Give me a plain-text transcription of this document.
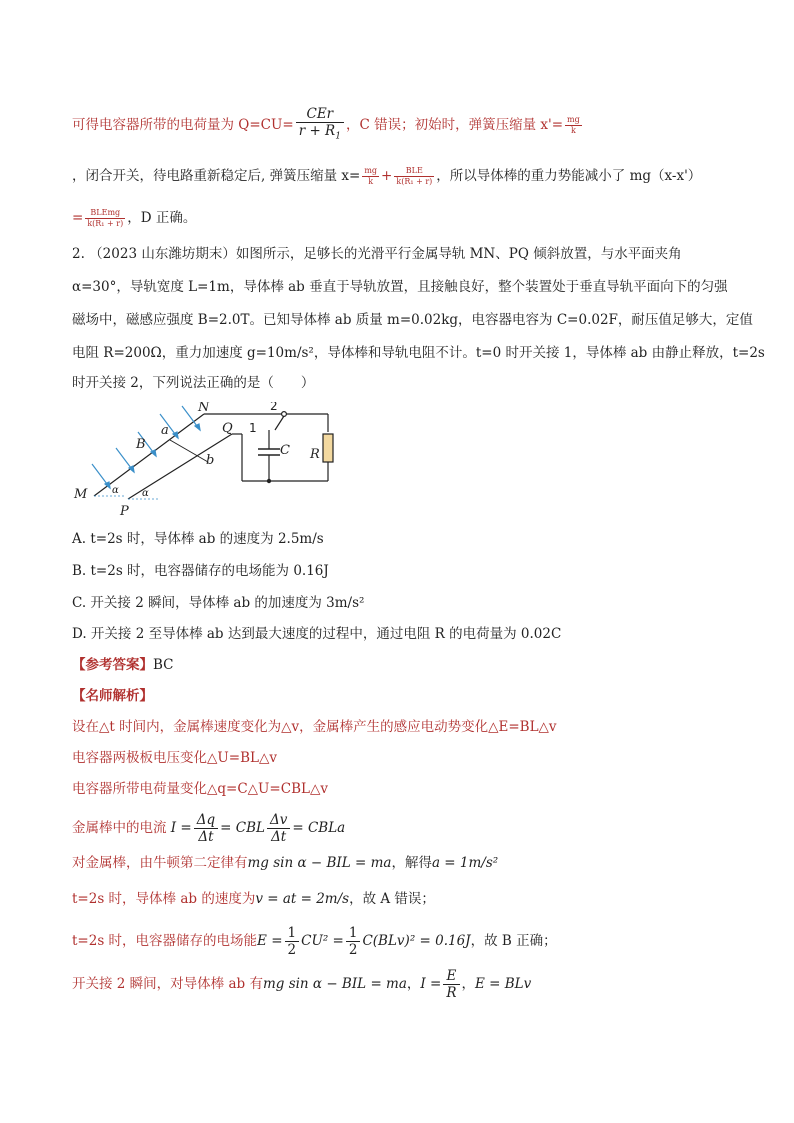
可得电容器所带的电荷量为 $Q=CU= \frac{\text{CEr}}{r + R_1}$ ，C 错误；初始时，弹簧压缩量 $x'= \frac{mg}{k}$
，闭合开关，待电路重新稳定后, 弹簧压缩量 $x= \frac{mg}{k} + \frac{\text{BLE}}{\text{k(R₁ + r)}}$ ，所以导体棒的重力势能减小了 mg（x-x'）
= $\frac{\text{BLEmg}}{\text{k(R₁ + r)}}$ ，D 正确。
2. （2023 山东潍坊期末）如图所示，足够长的光滑平行金属导轨 MN、PQ 倾斜放置，与水平面夹角
α=30°，导轨宽度 L=1m，导体棒 ab 垂直于导轨放置，且接触良好，整个装置处于垂直导轨平面向下的匀强
磁场中，磁感应强度 B=2.0T。已知导体棒 ab 质量 m=0.02kg，电容器电容为 C=0.02F，耐压值足够大，定值
电阻 R=200Ω，重力加速度 g=10m/s²，导体棒和导轨电阻不计。t=0 时开关接 1，导体棒 ab 由静止释放，t=2s
时开关接 2，下列说法正确的是（　　）
N
a
B
Q
b
M
P
α α
C R
1
2
A. t=2s 时，导体棒 ab 的速度为 2.5m/s
B. t=2s 时，电容器储存的电场能为 0.16J
C. 开关接 2 瞬间，导体棒 ab 的加速度为 3m/s²
D. 开关接 2 至导体棒 ab 达到最大速度的过程中，通过电阻 R 的电荷量为 0.02C
【参考答案】BC
【名师解析】
设在△t 时间内，金属棒速度变化为△v，金属棒产生的感应电动势变化△E=BL△v
电容器两极板电压变化△U=BL△v
电容器所带电荷量变化△q=C△U=CBL△v
金属棒中的电流 $I = \frac{\Delta q}{\Delta t}$ = CBL $\frac{\Delta v}{\Delta t}$ = CBLa
对金属棒，由牛顿第二定律有mg sin α − BIL = ma，解得a = 1m/s²
t=2s 时，导体棒 ab 的速度为v = at = 2m/s，故 A 错误；
t=2s 时，电容器储存的电场能$E = \frac{1}{2} CU^2 = \frac{1}{2} C(BLv)^2 = 0.16J$，故 B 正确；
开关接 2 瞬间，对导体棒 ab 有mg sin α − BIL = ma，$I = \frac{E}{R}$ ，E = BLv
